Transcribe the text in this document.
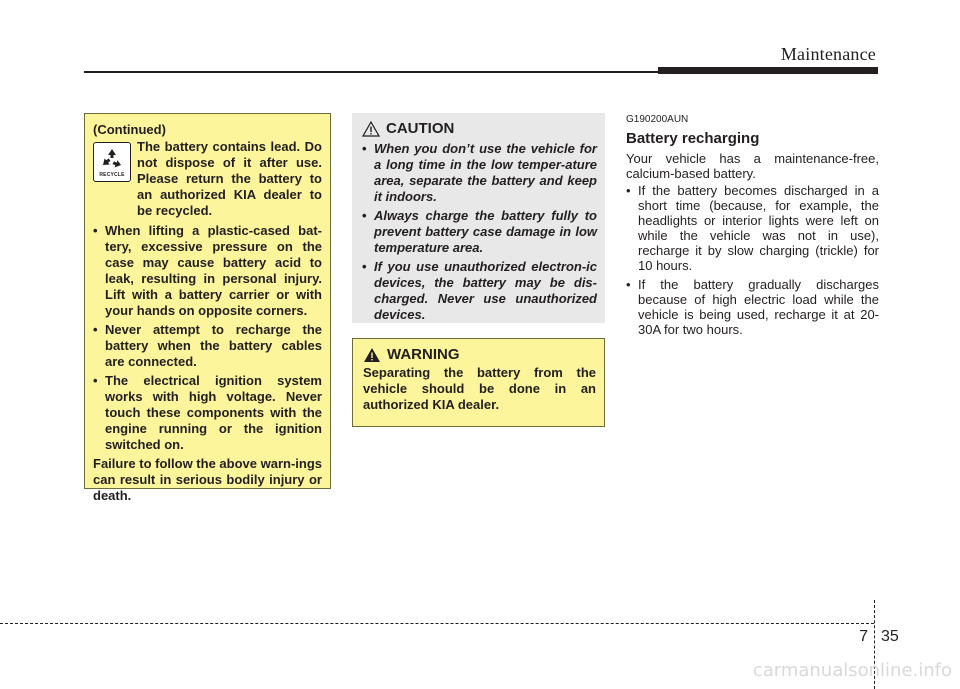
Maintenance

(Continued)

RECYCLE
The battery contains lead. Do not dispose of it after use. Please return the battery to an authorized KIA dealer to be recycled.
• When lifting a plastic-cased bat-tery, excessive pressure on the case may cause battery acid to leak, resulting in personal injury. Lift with a battery carrier or with your hands on opposite corners.
• Never attempt to recharge the battery when the battery cables are connected.
• The electrical ignition system works with high voltage. Never touch these components with the engine running or the ignition switched on.

Failure to follow the above warn-ings can result in serious bodily injury or death.

CAUTION
• When you don’t use the vehicle for a long time in the low temper-ature area, separate the battery and keep it indoors.
• Always charge the battery fully to prevent battery case damage in low temperature area.
• If you use unauthorized electron-ic devices, the battery may be dis-charged. Never use unauthorized devices.
WARNING
Separating the battery from the vehicle should be done in an authorized KIA dealer.
G190200AUN
Battery recharging

Your vehicle has a maintenance-free, calcium-based battery.

• If the battery becomes discharged in a short time (because, for example, the headlights or interior lights were left on while the vehicle was not in use), recharge it by slow charging (trickle) for 10 hours.
• If the battery gradually discharges because of high electric load while the vehicle is being used, recharge it at 20-30A for two hours.
7 35
carmanualsonline.info
